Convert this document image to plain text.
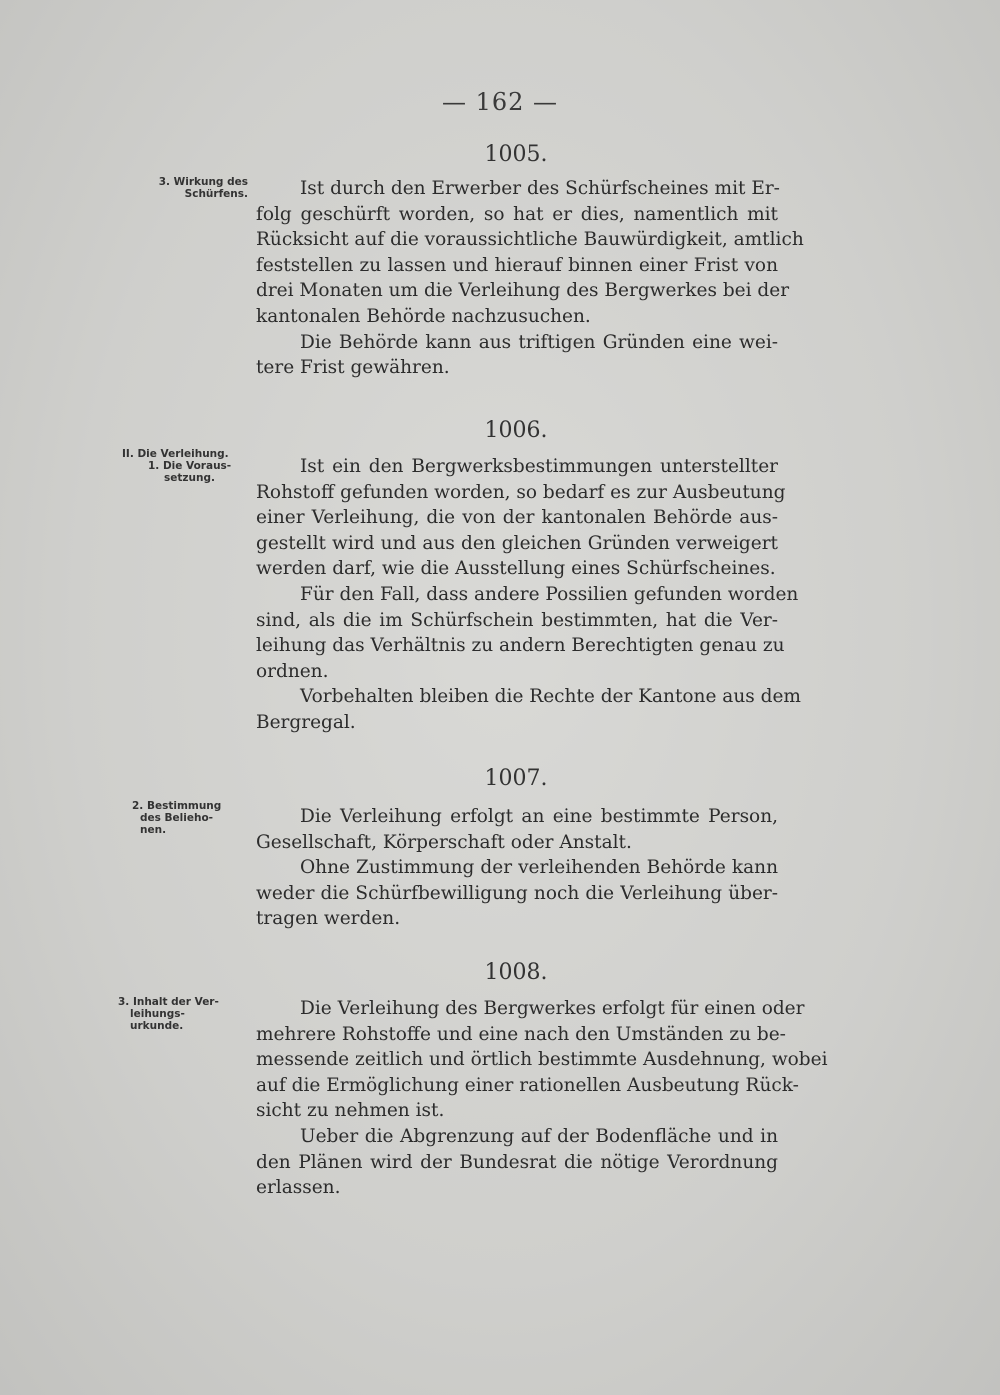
— 162 —
1005.
3. Wirkung des
Schürfens.	Ist durch den Erwerber des Schürfscheines mit Er-
folg geschürft worden, so hat er dies, namentlich mit
Rücksicht auf die voraussichtliche Bauwürdigkeit, amtlich
feststellen zu lassen und hierauf binnen einer Frist von
drei Monaten um die Verleihung des Bergwerkes bei der
kantonalen Behörde nachzusuchen.
Die Behörde kann aus triftigen Gründen eine wei-
tere Frist gewähren.
1006.
II. Die Verleihung.
1. Die Voraus-
setzung.
Ist ein den Bergwerksbestimmungen unterstellter
Rohstoff gefunden worden, so bedarf es zur Ausbeutung
einer Verleihung, die von der kantonalen Behörde aus-
gestellt wird und aus den gleichen Gründen verweigert
werden darf, wie die Ausstellung eines Schürfscheines.
Für den Fall, dass andere Possilien gefunden worden
sind, als die im Schürfschein bestimmten, hat die Ver-
leihung das Verhältnis zu andern Berechtigten genau zu
ordnen.
Vorbehalten bleiben die Rechte der Kantone aus dem
Bergregal.
1007.
2. Bestimmung
des Belieho-
nen.
Die Verleihung erfolgt an eine bestimmte Person,
Gesellschaft, Körperschaft oder Anstalt.
Ohne Zustimmung der verleihenden Behörde kann
weder die Schürfbewilligung noch die Verleihung über-
tragen werden.
1008.
3. Inhalt der Ver-
leihungs-
urkunde.
Die Verleihung des Bergwerkes erfolgt für einen oder
mehrere Rohstoffe und eine nach den Umständen zu be-
messende zeitlich und örtlich bestimmte Ausdehnung, wobei
auf die Ermöglichung einer rationellen Ausbeutung Rück-
sicht zu nehmen ist.
Ueber die Abgrenzung auf der Bodenfläche und in
den Plänen wird der Bundesrat die nötige Verordnung
erlassen.
